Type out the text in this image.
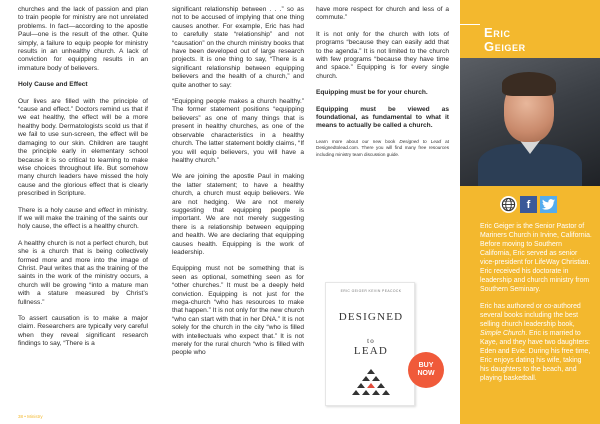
churches and the lack of passion and plan to train people for ministry are not unrelated problems. In fact—according to the apostle Paul—one is the result of the other. Quite simply, a failure to equip people for ministry results in an unhealthy church. A lack of conviction for equipping results in an immature body of believers.

Holy Cause and Effect

Our lives are filled with the principle of “cause and effect.” Doctors remind us that if we eat healthy, the effect will be a more healthy body. Dermatologists scold us that if we fail to use sun-screen, the effect will be damaging to our skin. Children are taught the principle early in elementary school because it is so critical to learning to make wise choices throughout life. But somehow many church leaders have missed the holy cause and the glorious effect that is clearly prescribed in Scripture.

There is a holy cause and effect in ministry. If we will make the training of the saints our holy cause, the effect is a healthy church.

A healthy church is not a perfect church, but she is a church that is being collectively formed more and more into the image of Christ. Paul writes that as the training of the saints in the work of the ministry occurs, a church will be growing “into a mature man with a stature measured by Christ’s fullness.”

To assert causation is to make a major claim. Researchers are typically very careful when they reveal significant research findings to say, “There is a

significant relationship between . . .” so as not to be accused of implying that one thing causes another. For example, Eric has had to carefully state “relationship” and not “causation” on the church ministry books that have been developed out of large research projects. It is one thing to say, “There is a significant relationship between equipping believers and the health of a church,” and quite another to say:

“Equipping people makes a church healthy.” The former statement positions “equipping believers” as one of many things that is present in healthy churches, as one of the observable characteristics in a healthy church. The latter statement boldly claims, “If you will equip believers, you will have a healthy church.”

We are joining the apostle Paul in making the latter statement; to have a healthy church, a church must equip believers. We are not hedging. We are not merely suggesting that equipping people is important. We are not merely suggesting there is a relationship between equipping and health. We are declaring that equipping causes health. Equipping is the work of leadership.

Equipping must not be something that is seen as optional, something seen as for “other churches.” It must be a deeply held conviction. Equipping is not just for the mega-church “who has resources to make that happen.” It is not only for the new church “who can start with that in her DNA.” It is not solely for the church in the city “who is filled with intellectuals who expect that.” It is not merely for the rural church “who is filled with people who

have more respect for church and less of a commute.”

It is not only for the church with lots of programs “because they can easily add that to the agenda.” It is not limited to the church with few programs “because they have time and space.” Equipping is for every single church.

Equipping must be for your church.

Equipping must be viewed as foundational, as fundamental to what it means to actually be called a church.

Learn more about our new book Designed to Lead at Designedtolead.com. There you will find many free resources including ministry team discussion guide.

ERIC GEIGER KEVIN PEACOCK
DESIGNED
to
LEAD
BUY
NOW
Eric
Geiger
f

Eric Geiger is the Senior Pastor of Mariners Church in Irvine, California. Before moving to Southern California, Eric served as senior vice-president for LifeWay Christian. Eric received his doctorate in leadership and church ministry from Southern Seminary.

Eric has authored or co-authored several books including the best selling church leadership book, Simple Church. Eric is married to Kaye, and they have two daughters: Eden and Evie. During his free time, Eric enjoys dating his wife, taking his daughters to the beach, and playing basketball.

38 • Ministry
